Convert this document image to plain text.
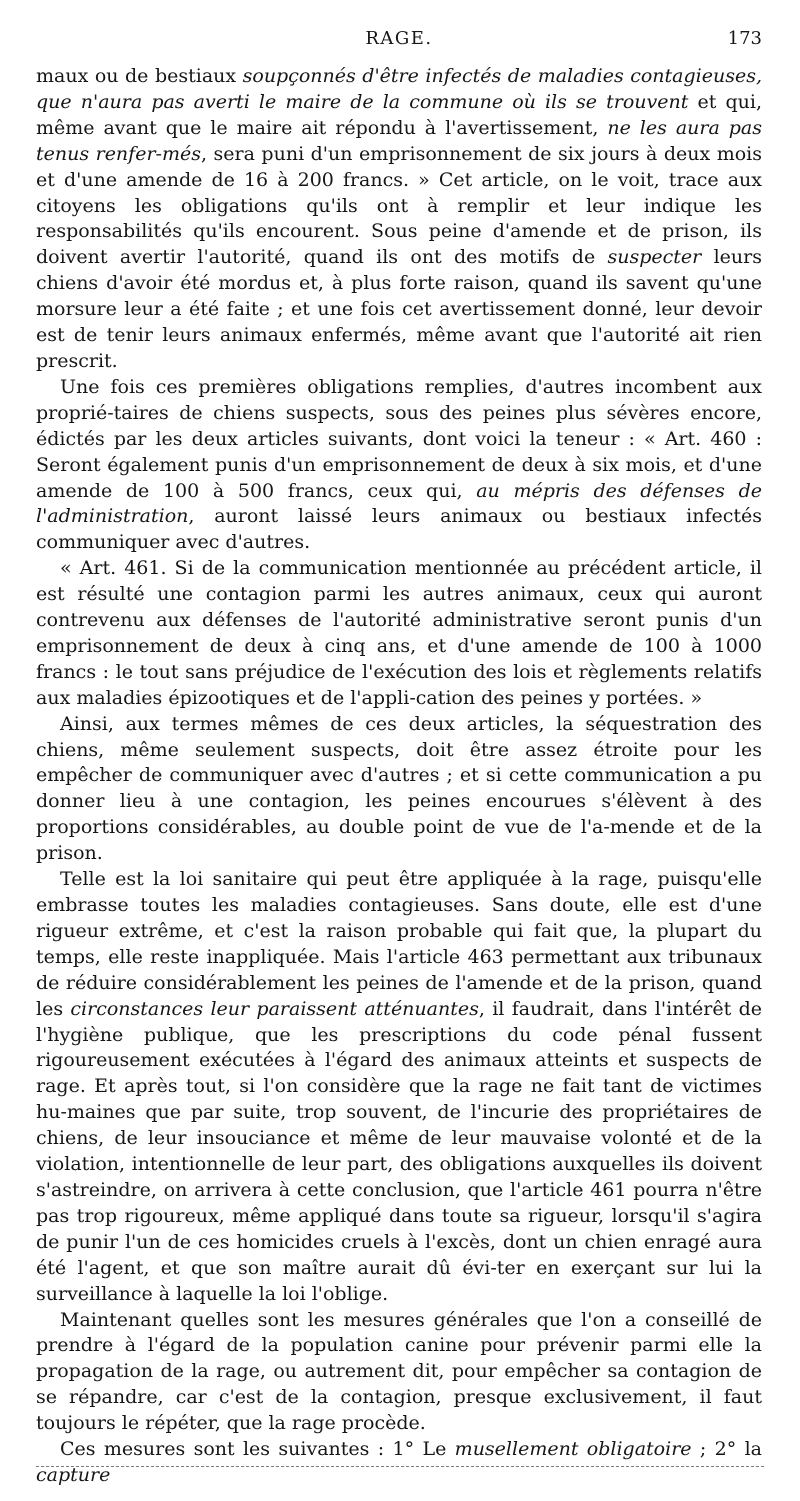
RAGE.	173

maux ou de bestiaux soupçonnés d'être infectés de maladies contagieuses, que n'aura pas averti le maire de la commune où ils se trouvent et qui, même avant que le maire ait répondu à l'avertissement, ne les aura pas tenus renfer-més, sera puni d'un emprisonnement de six jours à deux mois et d'une amende de 16 à 200 francs. » Cet article, on le voit, trace aux citoyens les obligations qu'ils ont à remplir et leur indique les responsabilités qu'ils encourent. Sous peine d'amende et de prison, ils doivent avertir l'autorité, quand ils ont des motifs de suspecter leurs chiens d'avoir été mordus et, à plus forte raison, quand ils savent qu'une morsure leur a été faite ; et une fois cet avertissement donné, leur devoir est de tenir leurs animaux enfermés, même avant que l'autorité ait rien prescrit.

Une fois ces premières obligations remplies, d'autres incombent aux proprié-taires de chiens suspects, sous des peines plus sévères encore, édictés par les deux articles suivants, dont voici la teneur : « Art. 460 : Seront également punis d'un emprisonnement de deux à six mois, et d'une amende de 100 à 500 francs, ceux qui, au mépris des défenses de l'administration, auront laissé leurs animaux ou bestiaux infectés communiquer avec d'autres.

« Art. 461. Si de la communication mentionnée au précédent article, il est résulté une contagion parmi les autres animaux, ceux qui auront contrevenu aux défenses de l'autorité administrative seront punis d'un emprisonnement de deux à cinq ans, et d'une amende de 100 à 1000 francs : le tout sans préjudice de l'exécution des lois et règlements relatifs aux maladies épizootiques et de l'appli-cation des peines y portées. »

Ainsi, aux termes mêmes de ces deux articles, la séquestration des chiens, même seulement suspects, doit être assez étroite pour les empêcher de communiquer avec d'autres ; et si cette communication a pu donner lieu à une contagion, les peines encourues s'élèvent à des proportions considérables, au double point de vue de l'a-mende et de la prison.

Telle est la loi sanitaire qui peut être appliquée à la rage, puisqu'elle embrasse toutes les maladies contagieuses. Sans doute, elle est d'une rigueur extrême, et c'est la raison probable qui fait que, la plupart du temps, elle reste inappliquée. Mais l'article 463 permettant aux tribunaux de réduire considérablement les peines de l'amende et de la prison, quand les circonstances leur paraissent atténuantes, il faudrait, dans l'intérêt de l'hygiène publique, que les prescriptions du code pénal fussent rigoureusement exécutées à l'égard des animaux atteints et suspects de rage. Et après tout, si l'on considère que la rage ne fait tant de victimes hu-maines que par suite, trop souvent, de l'incurie des propriétaires de chiens, de leur insouciance et même de leur mauvaise volonté et de la violation, intentionnelle de leur part, des obligations auxquelles ils doivent s'astreindre, on arrivera à cette conclusion, que l'article 461 pourra n'être pas trop rigoureux, même appliqué dans toute sa rigueur, lorsqu'il s'agira de punir l'un de ces homicides cruels à l'excès, dont un chien enragé aura été l'agent, et que son maître aurait dû évi-ter en exerçant sur lui la surveillance à laquelle la loi l'oblige.

Maintenant quelles sont les mesures générales que l'on a conseillé de prendre à l'égard de la population canine pour prévenir parmi elle la propagation de la rage, ou autrement dit, pour empêcher sa contagion de se répandre, car c'est de la contagion, presque exclusivement, il faut toujours le répéter, que la rage procède.

Ces mesures sont les suivantes : 1° Le musellement obligatoire ; 2° la capture
